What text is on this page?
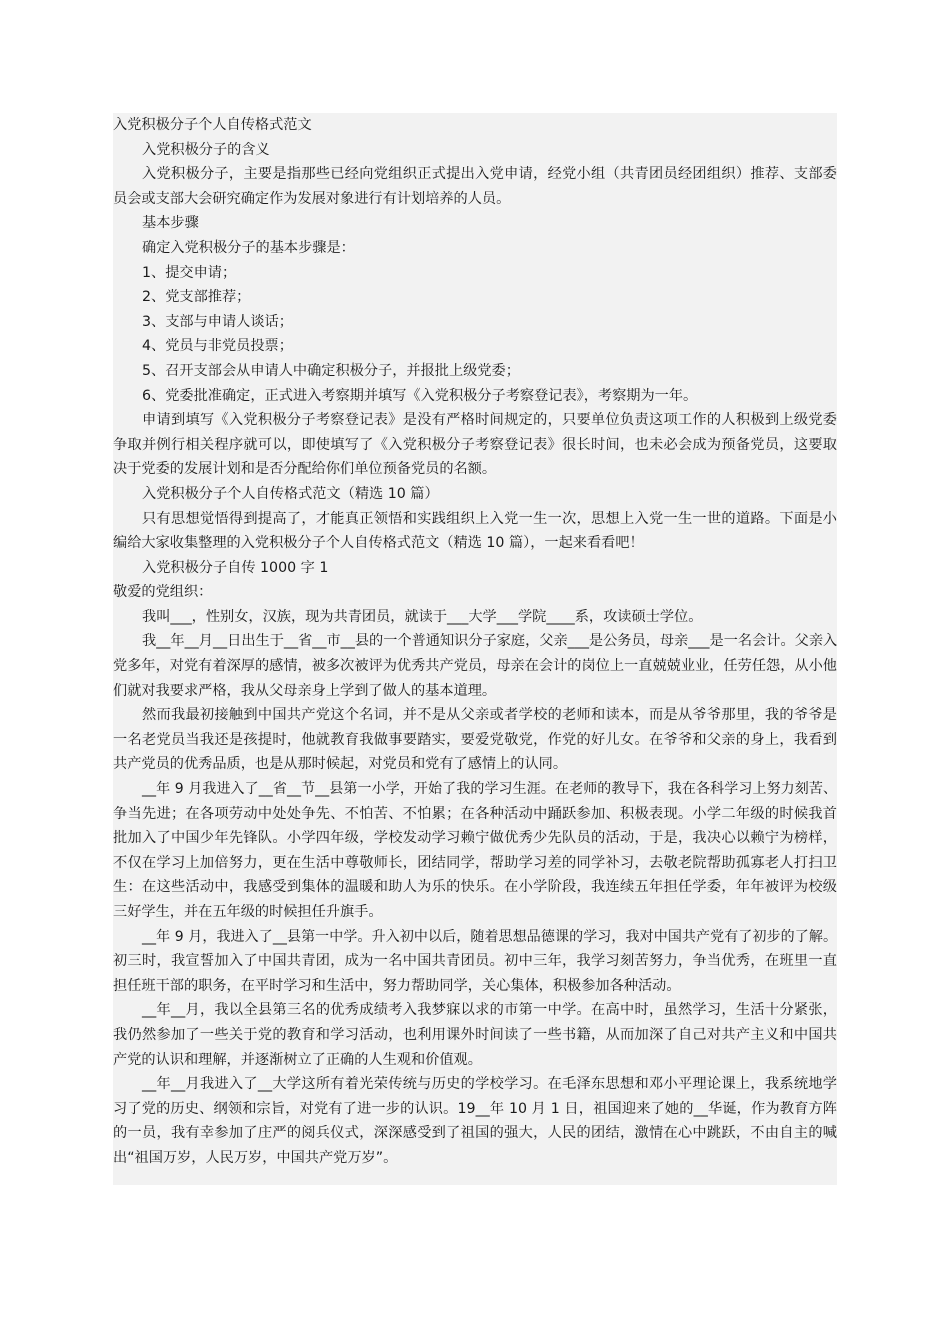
入党积极分子个人自传格式范文
入党积极分子的含义
入党积极分子，主要是指那些已经向党组织正式提出入党申请，经党小组（共青团员经团组织）推荐、支部委
员会或支部大会研究确定作为发展对象进行有计划培养的人员。
基本步骤
确定入党积极分子的基本步骤是：
1、提交申请；
2、党支部推荐；
3、支部与申请人谈话；
4、党员与非党员投票；
5、召开支部会从申请人中确定积极分子，并报批上级党委；
6、党委批准确定，正式进入考察期并填写《入党积极分子考察登记表》，考察期为一年。
申请到填写《入党积极分子考察登记表》是没有严格时间规定的，只要单位负责这项工作的人积极到上级党委
争取并例行相关程序就可以，即使填写了《入党积极分子考察登记表》很长时间，也未必会成为预备党员，这要取
决于党委的发展计划和是否分配给你们单位预备党员的名额。
入党积极分子个人自传格式范文（精选 10 篇）
只有思想觉悟得到提高了，才能真正领悟和实践组织上入党一生一次，思想上入党一生一世的道路。下面是小
编给大家收集整理的入党积极分子个人自传格式范文（精选 10 篇），一起来看看吧！
入党积极分子自传 1000 字 1
敬爱的党组织：
我叫___，性别女，汉族，现为共青团员，就读于___大学___学院____系，攻读硕士学位。
我__年__月__日出生于__省__市__县的一个普通知识分子家庭，父亲___是公务员，母亲___是一名会计。父亲入
党多年，对党有着深厚的感情，被多次被评为优秀共产党员，母亲在会计的岗位上一直兢兢业业，任劳任怨，从小他
们就对我要求严格，我从父母亲身上学到了做人的基本道理。
然而我最初接触到中国共产党这个名词，并不是从父亲或者学校的老师和读本，而是从爷爷那里，我的爷爷是
一名老党员当我还是孩提时，他就教育我做事要踏实，要爱党敬党，作党的好儿女。在爷爷和父亲的身上，我看到
共产党员的优秀品质，也是从那时候起，对党员和党有了感情上的认同。
__年 9 月我进入了__省__节__县第一小学，开始了我的学习生涯。在老师的教导下，我在各科学习上努力刻苦、
争当先进；在各项劳动中处处争先、不怕苦、不怕累；在各种活动中踊跃参加、积极表现。小学二年级的时候我首
批加入了中国少年先锋队。小学四年级，学校发动学习赖宁做优秀少先队员的活动，于是，我决心以赖宁为榜样，
不仅在学习上加倍努力，更在生活中尊敬师长，团结同学，帮助学习差的同学补习，去敬老院帮助孤寡老人打扫卫
生：在这些活动中，我感受到集体的温暖和助人为乐的快乐。在小学阶段，我连续五年担任学委，年年被评为校级
三好学生，并在五年级的时候担任升旗手。
__年 9 月，我进入了__县第一中学。升入初中以后，随着思想品德课的学习，我对中国共产党有了初步的了解。
初三时，我宣誓加入了中国共青团，成为一名中国共青团员。初中三年，我学习刻苦努力，争当优秀，在班里一直
担任班干部的职务，在平时学习和生活中，努力帮助同学，关心集体，积极参加各种活动。
__年__月，我以全县第三名的优秀成绩考入我梦寐以求的市第一中学。在高中时，虽然学习，生活十分紧张，
我仍然参加了一些关于党的教育和学习活动，也利用课外时间读了一些书籍，从而加深了自己对共产主义和中国共
产党的认识和理解，并逐渐树立了正确的人生观和价值观。
__年__月我进入了__大学这所有着光荣传统与历史的学校学习。在毛泽东思想和邓小平理论课上，我系统地学
习了党的历史、纲领和宗旨，对党有了进一步的认识。19__年 10 月 1 日，祖国迎来了她的__华诞，作为教育方阵
的一员，我有幸参加了庄严的阅兵仪式，深深感受到了祖国的强大，人民的团结，激情在心中跳跃，不由自主的喊
出“祖国万岁，人民万岁，中国共产党万岁”。
